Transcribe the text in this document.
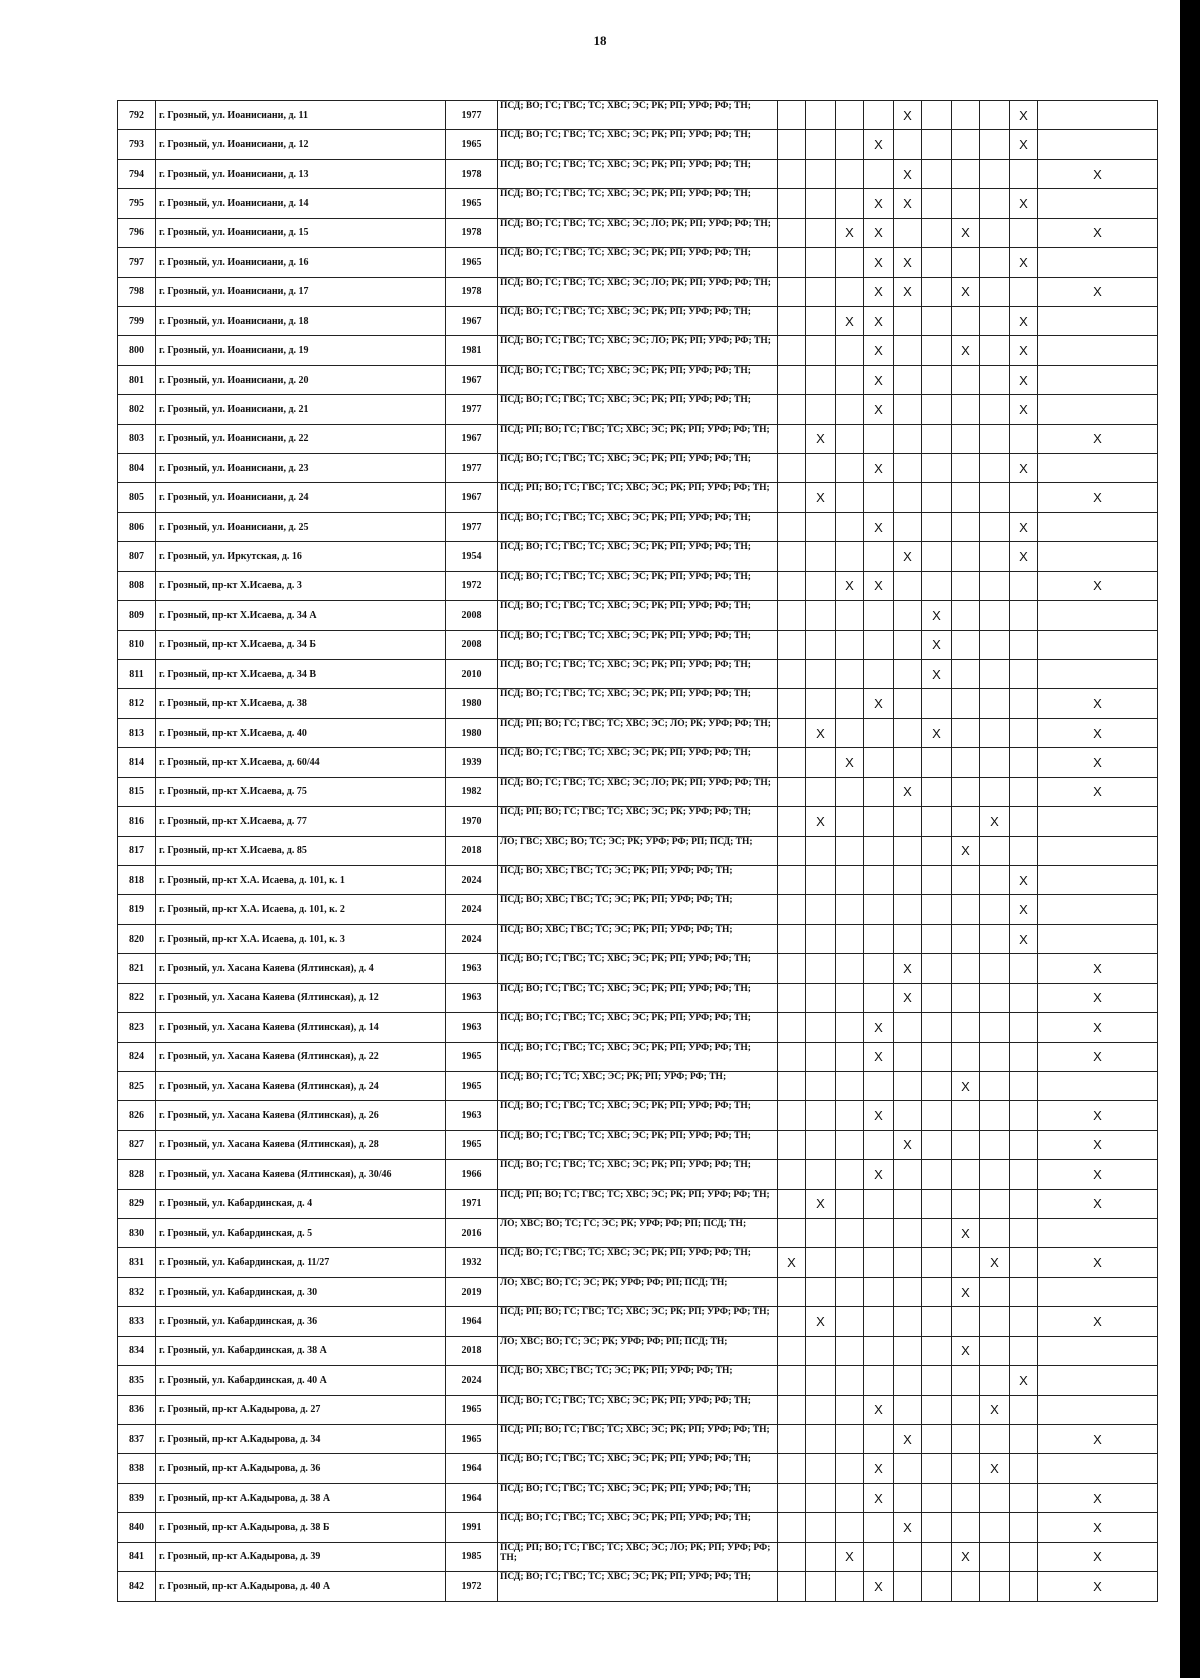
18
792	г. Грозный, ул. Иоанисиани, д. 11	1977	ПСД; ВО; ГС; ГВС; ТС; ХВС; ЭС; РК; РП; УРФ; РФ; ТН;					X				X	
793	г. Грозный, ул. Иоанисиани, д. 12	1965	ПСД; ВО; ГС; ГВС; ТС; ХВС; ЭС; РК; РП; УРФ; РФ; ТН;				X					X	
794	г. Грозный, ул. Иоанисиани, д. 13	1978	ПСД; ВО; ГС; ГВС; ТС; ХВС; ЭС; РК; РП; УРФ; РФ; ТН;					X					X
795	г. Грозный, ул. Иоанисиани, д. 14	1965	ПСД; ВО; ГС; ГВС; ТС; ХВС; ЭС; РК; РП; УРФ; РФ; ТН;				X	X				X	
796	г. Грозный, ул. Иоанисиани, д. 15	1978	ПСД; ВО; ГС; ГВС; ТС; ХВС; ЭС; ЛО; РК; РП; УРФ; РФ; ТН;			X	X			X			X
797	г. Грозный, ул. Иоанисиани, д. 16	1965	ПСД; ВО; ГС; ГВС; ТС; ХВС; ЭС; РК; РП; УРФ; РФ; ТН;				X	X				X	
798	г. Грозный, ул. Иоанисиани, д. 17	1978	ПСД; ВО; ГС; ГВС; ТС; ХВС; ЭС; ЛО; РК; РП; УРФ; РФ; ТН;				X	X		X			X
799	г. Грозный, ул. Иоанисиани, д. 18	1967	ПСД; ВО; ГС; ГВС; ТС; ХВС; ЭС; РК; РП; УРФ; РФ; ТН;			X	X					X	
800	г. Грозный, ул. Иоанисиани, д. 19	1981	ПСД; ВО; ГС; ГВС; ТС; ХВС; ЭС; ЛО; РК; РП; УРФ; РФ; ТН;				X			X		X	
801	г. Грозный, ул. Иоанисиани, д. 20	1967	ПСД; ВО; ГС; ГВС; ТС; ХВС; ЭС; РК; РП; УРФ; РФ; ТН;				X					X	
802	г. Грозный, ул. Иоанисиани, д. 21	1977	ПСД; ВО; ГС; ГВС; ТС; ХВС; ЭС; РК; РП; УРФ; РФ; ТН;				X					X	
803	г. Грозный, ул. Иоанисиани, д. 22	1967	ПСД; РП; ВО; ГС; ГВС; ТС; ХВС; ЭС; РК; РП; УРФ; РФ; ТН;		X								X
804	г. Грозный, ул. Иоанисиани, д. 23	1977	ПСД; ВО; ГС; ГВС; ТС; ХВС; ЭС; РК; РП; УРФ; РФ; ТН;				X					X	
805	г. Грозный, ул. Иоанисиани, д. 24	1967	ПСД; РП; ВО; ГС; ГВС; ТС; ХВС; ЭС; РК; РП; УРФ; РФ; ТН;		X								X
806	г. Грозный, ул. Иоанисиани, д. 25	1977	ПСД; ВО; ГС; ГВС; ТС; ХВС; ЭС; РК; РП; УРФ; РФ; ТН;				X					X	
807	г. Грозный, ул. Иркутская, д. 16	1954	ПСД; ВО; ГС; ГВС; ТС; ХВС; ЭС; РК; РП; УРФ; РФ; ТН;					X				X	
808	г. Грозный, пр-кт Х.Исаева, д. 3	1972	ПСД; ВО; ГС; ГВС; ТС; ХВС; ЭС; РК; РП; УРФ; РФ; ТН;			X	X						X
809	г. Грозный, пр-кт Х.Исаева, д. 34 А	2008	ПСД; ВО; ГС; ГВС; ТС; ХВС; ЭС; РК; РП; УРФ; РФ; ТН;						X				
810	г. Грозный, пр-кт Х.Исаева, д. 34 Б	2008	ПСД; ВО; ГС; ГВС; ТС; ХВС; ЭС; РК; РП; УРФ; РФ; ТН;						X				
811	г. Грозный, пр-кт Х.Исаева, д. 34 В	2010	ПСД; ВО; ГС; ГВС; ТС; ХВС; ЭС; РК; РП; УРФ; РФ; ТН;						X				
812	г. Грозный, пр-кт Х.Исаева, д. 38	1980	ПСД; ВО; ГС; ГВС; ТС; ХВС; ЭС; РК; РП; УРФ; РФ; ТН;				X						X
813	г. Грозный, пр-кт Х.Исаева, д. 40	1980	ПСД; РП; ВО; ГС; ГВС; ТС; ХВС; ЭС; ЛО; РК; УРФ; РФ; ТН;		X				X				X
814	г. Грозный, пр-кт Х.Исаева, д. 60/44	1939	ПСД; ВО; ГС; ГВС; ТС; ХВС; ЭС; РК; РП; УРФ; РФ; ТН;			X							X
815	г. Грозный, пр-кт Х.Исаева, д. 75	1982	ПСД; ВО; ГС; ГВС; ТС; ХВС; ЭС; ЛО; РК; РП; УРФ; РФ; ТН;					X					X
816	г. Грозный, пр-кт Х.Исаева, д. 77	1970	ПСД; РП; ВО; ГС; ГВС; ТС; ХВС; ЭС; РК; УРФ; РФ; ТН;		X						X		
817	г. Грозный, пр-кт Х.Исаева, д. 85	2018	ЛО; ГВС; ХВС; ВО; ТС; ЭС; РК; УРФ; РФ; РП; ПСД; ТН;							X			
818	г. Грозный, пр-кт Х.А. Исаева, д. 101, к. 1	2024	ПСД; ВО; ХВС; ГВС; ТС; ЭС; РК; РП; УРФ; РФ; ТН;									X	
819	г. Грозный, пр-кт Х.А. Исаева, д. 101, к. 2	2024	ПСД; ВО; ХВС; ГВС; ТС; ЭС; РК; РП; УРФ; РФ; ТН;									X	
820	г. Грозный, пр-кт Х.А. Исаева, д. 101, к. 3	2024	ПСД; ВО; ХВС; ГВС; ТС; ЭС; РК; РП; УРФ; РФ; ТН;									X	
821	г. Грозный, ул. Хасана Каяева (Ялтинская), д. 4	1963	ПСД; ВО; ГС; ГВС; ТС; ХВС; ЭС; РК; РП; УРФ; РФ; ТН;					X					X
822	г. Грозный, ул. Хасана Каяева (Ялтинская), д. 12	1963	ПСД; ВО; ГС; ГВС; ТС; ХВС; ЭС; РК; РП; УРФ; РФ; ТН;					X					X
823	г. Грозный, ул. Хасана Каяева (Ялтинская), д. 14	1963	ПСД; ВО; ГС; ГВС; ТС; ХВС; ЭС; РК; РП; УРФ; РФ; ТН;				X						X
824	г. Грозный, ул. Хасана Каяева (Ялтинская), д. 22	1965	ПСД; ВО; ГС; ГВС; ТС; ХВС; ЭС; РК; РП; УРФ; РФ; ТН;				X						X
825	г. Грозный, ул. Хасана Каяева (Ялтинская), д. 24	1965	ПСД; ВО; ГС; ТС; ХВС; ЭС; РК; РП; УРФ; РФ; ТН;							X			
826	г. Грозный, ул. Хасана Каяева (Ялтинская), д. 26	1963	ПСД; ВО; ГС; ГВС; ТС; ХВС; ЭС; РК; РП; УРФ; РФ; ТН;				X						X
827	г. Грозный, ул. Хасана Каяева (Ялтинская), д. 28	1965	ПСД; ВО; ГС; ГВС; ТС; ХВС; ЭС; РК; РП; УРФ; РФ; ТН;					X					X
828	г. Грозный, ул. Хасана Каяева (Ялтинская), д. 30/46	1966	ПСД; ВО; ГС; ГВС; ТС; ХВС; ЭС; РК; РП; УРФ; РФ; ТН;				X						X
829	г. Грозный, ул. Кабардинская, д. 4	1971	ПСД; РП; ВО; ГС; ГВС; ТС; ХВС; ЭС; РК; РП; УРФ; РФ; ТН;		X								X
830	г. Грозный, ул. Кабардинская, д. 5	2016	ЛО; ХВС; ВО; ТС; ГС; ЭС; РК; УРФ; РФ; РП; ПСД; ТН;							X			
831	г. Грозный, ул. Кабардинская, д. 11/27	1932	ПСД; ВО; ГС; ГВС; ТС; ХВС; ЭС; РК; РП; УРФ; РФ; ТН;	X							X		X
832	г. Грозный, ул. Кабардинская, д. 30	2019	ЛО; ХВС; ВО; ГС; ЭС; РК; УРФ; РФ; РП; ПСД; ТН;							X			
833	г. Грозный, ул. Кабардинская, д. 36	1964	ПСД; РП; ВО; ГС; ГВС; ТС; ХВС; ЭС; РК; РП; УРФ; РФ; ТН;		X								X
834	г. Грозный, ул. Кабардинская, д. 38 А	2018	ЛО; ХВС; ВО; ГС; ЭС; РК; УРФ; РФ; РП; ПСД; ТН;							X			
835	г. Грозный, ул. Кабардинская, д. 40 А	2024	ПСД; ВО; ХВС; ГВС; ТС; ЭС; РК; РП; УРФ; РФ; ТН;									X	
836	г. Грозный, пр-кт А.Кадырова, д. 27	1965	ПСД; ВО; ГС; ГВС; ТС; ХВС; ЭС; РК; РП; УРФ; РФ; ТН;				X				X		
837	г. Грозный, пр-кт А.Кадырова, д. 34	1965	ПСД; РП; ВО; ГС; ГВС; ТС; ХВС; ЭС; РК; РП; УРФ; РФ; ТН;					X					X
838	г. Грозный, пр-кт А.Кадырова, д. 36	1964	ПСД; ВО; ГС; ГВС; ТС; ХВС; ЭС; РК; РП; УРФ; РФ; ТН;				X				X		
839	г. Грозный, пр-кт А.Кадырова, д. 38 А	1964	ПСД; ВО; ГС; ГВС; ТС; ХВС; ЭС; РК; РП; УРФ; РФ; ТН;				X						X
840	г. Грозный, пр-кт А.Кадырова, д. 38 Б	1991	ПСД; ВО; ГС; ГВС; ТС; ХВС; ЭС; РК; РП; УРФ; РФ; ТН;					X					X
841	г. Грозный, пр-кт А.Кадырова, д. 39	1985	ПСД; РП; ВО; ГС; ГВС; ТС; ХВС; ЭС; ЛО; РК; РП; УРФ; РФ; ТН;			X				X			X
842	г. Грозный, пр-кт А.Кадырова, д. 40 А	1972	ПСД; ВО; ГС; ГВС; ТС; ХВС; ЭС; РК; РП; УРФ; РФ; ТН;				X						X
